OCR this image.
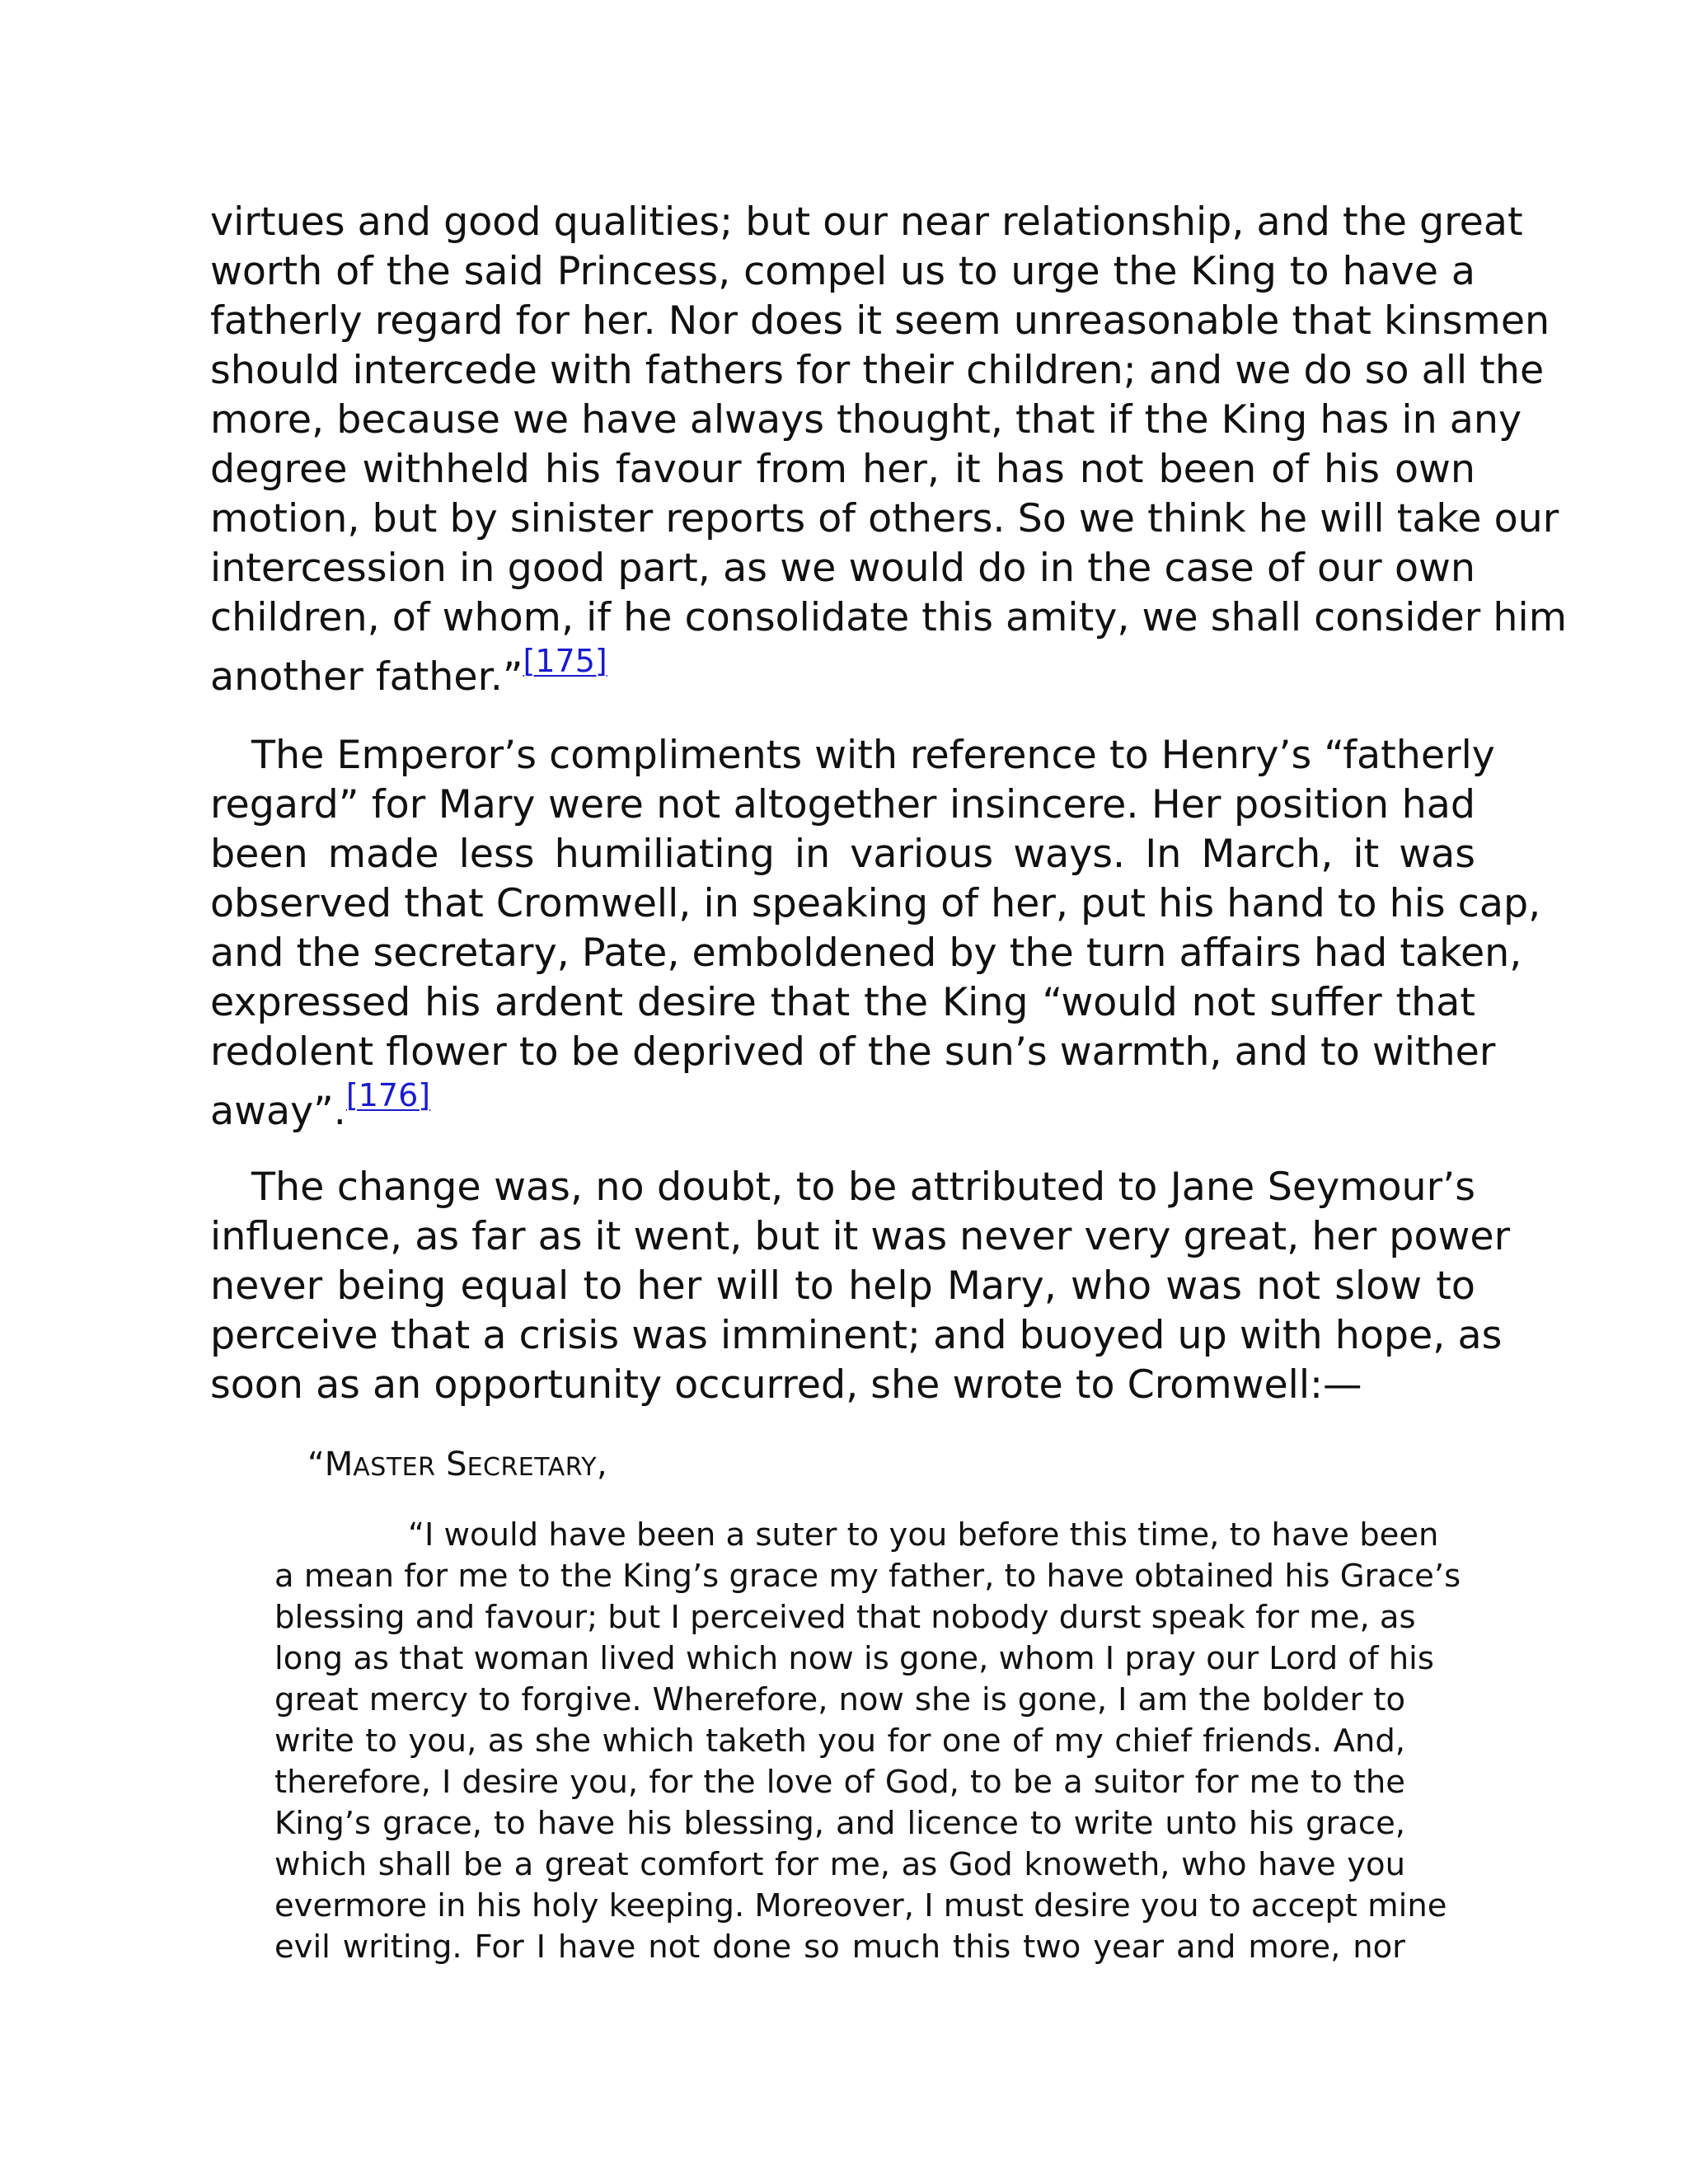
virtues and good qualities; but our near relationship, and the great
worth of the said Princess, compel us to urge the King to have a
fatherly regard for her. Nor does it seem unreasonable that kinsmen
should intercede with fathers for their children; and we do so all the
more, because we have always thought, that if the King has in any
degree withheld his favour from her, it has not been of his own
motion, but by sinister reports of others. So we think he will take our
intercession in good part, as we would do in the case of our own
children, of whom, if he consolidate this amity, we shall consider him
another father.”[175]
The Emperor’s compliments with reference to Henry’s “fatherly
regard” for Mary were not altogether insincere. Her position had
been made less humiliating in various ways. In March, it was
observed that Cromwell, in speaking of her, put his hand to his cap,
and the secretary, Pate, emboldened by the turn affairs had taken,
expressed his ardent desire that the King “would not suffer that
redolent flower to be deprived of the sun’s warmth, and to wither
away”.[176]
The change was, no doubt, to be attributed to Jane Seymour’s
influence, as far as it went, but it was never very great, her power
never being equal to her will to help Mary, who was not slow to
perceive that a crisis was imminent; and buoyed up with hope, as
soon as an opportunity occurred, she wrote to Cromwell:—
“MASTER SECRETARY,
“I would have been a suter to you before this time, to have been
a mean for me to the King’s grace my father, to have obtained his Grace’s
blessing and favour; but I perceived that nobody durst speak for me, as
long as that woman lived which now is gone, whom I pray our Lord of his
great mercy to forgive. Wherefore, now she is gone, I am the bolder to
write to you, as she which taketh you for one of my chief friends. And,
therefore, I desire you, for the love of God, to be a suitor for me to the
King’s grace, to have his blessing, and licence to write unto his grace,
which shall be a great comfort for me, as God knoweth, who have you
evermore in his holy keeping. Moreover, I must desire you to accept mine
evil writing. For I have not done so much this two year and more, nor
